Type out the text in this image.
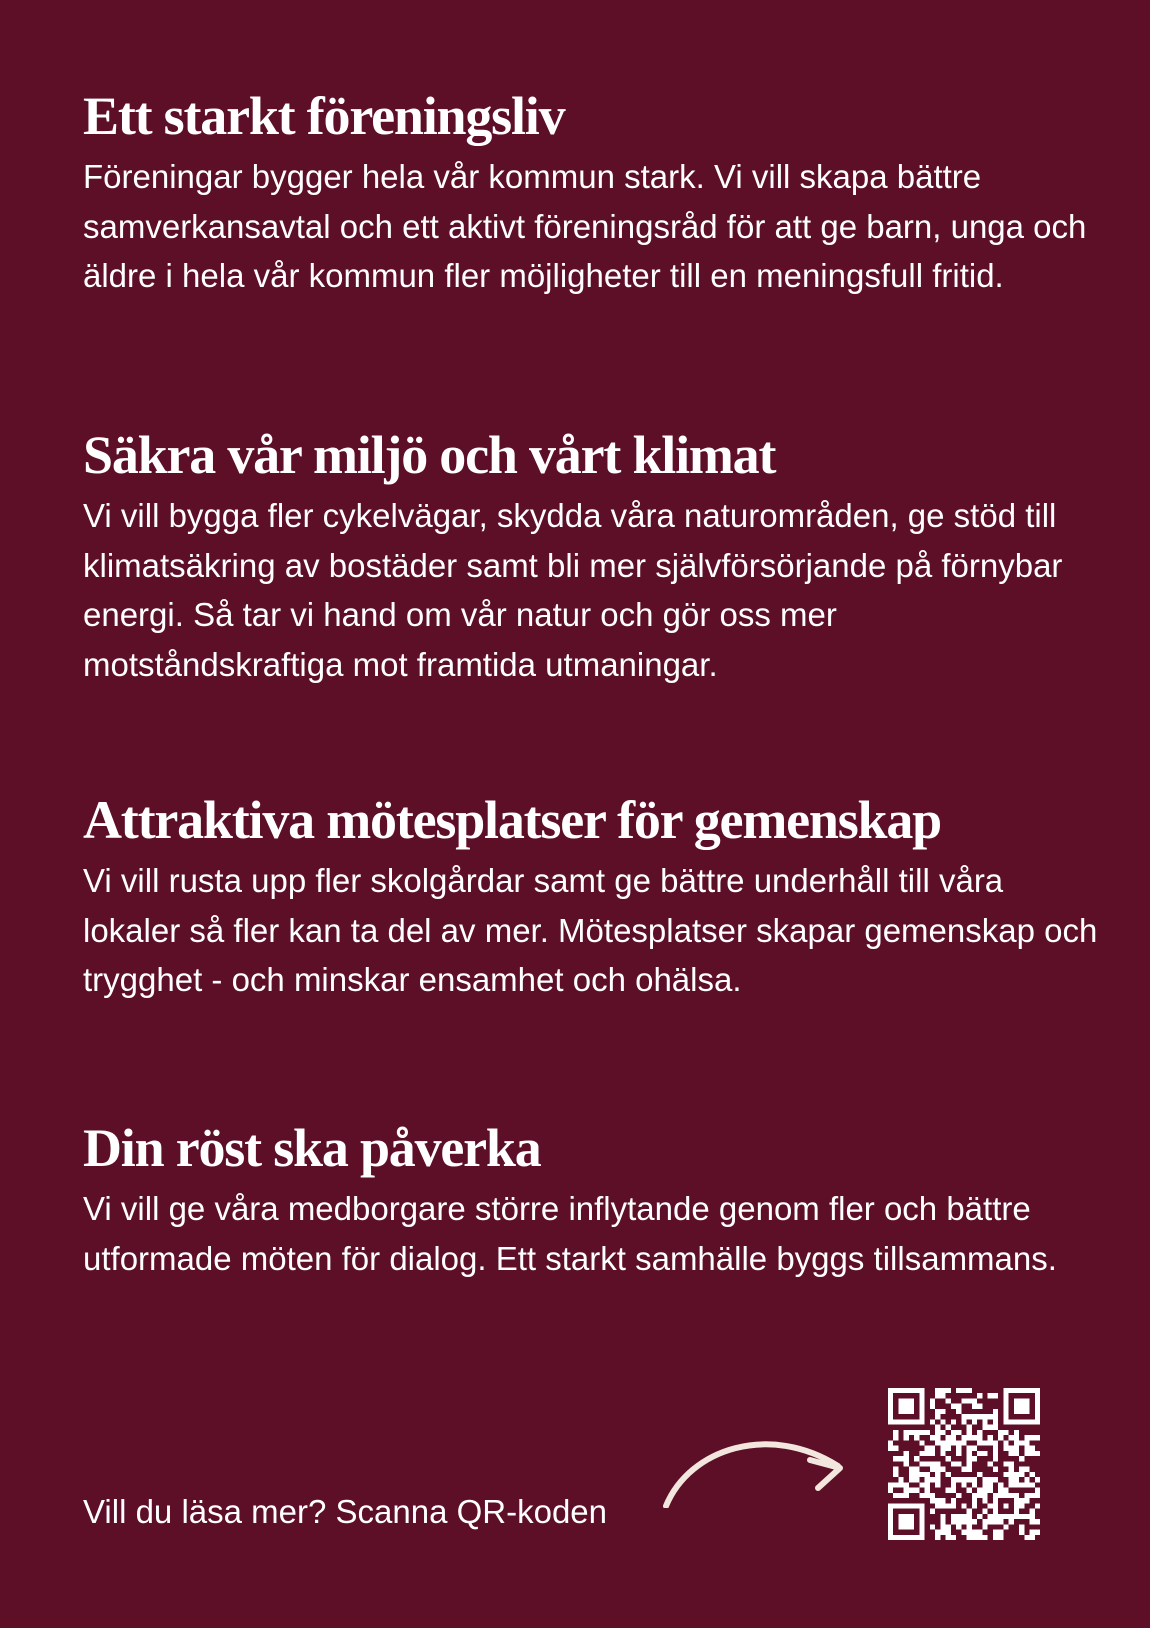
Ett starkt föreningsliv

Föreningar bygger hela vår kommun stark. Vi vill skapa bättre samverkansavtal och ett aktivt föreningsråd för att ge barn, unga och äldre i hela vår kommun fler möjligheter till en meningsfull fritid.

Säkra vår miljö och vårt klimat

Vi vill bygga fler cykelvägar, skydda våra naturområden, ge stöd till klimatsäkring av bostäder samt bli mer självförsörjande på förnybar energi. Så tar vi hand om vår natur och gör oss mer motståndskraftiga mot framtida utmaningar.

Attraktiva mötesplatser för gemenskap

Vi vill rusta upp fler skolgårdar samt ge bättre underhåll till våra lokaler så fler kan ta del av mer. Mötesplatser skapar gemenskap och trygghet - och minskar ensamhet och ohälsa.

Din röst ska påverka

Vi vill ge våra medborgare större inflytande genom fler och bättre utformade möten för dialog. Ett starkt samhälle byggs tillsammans.

Vill du läsa mer? Scanna QR-koden
